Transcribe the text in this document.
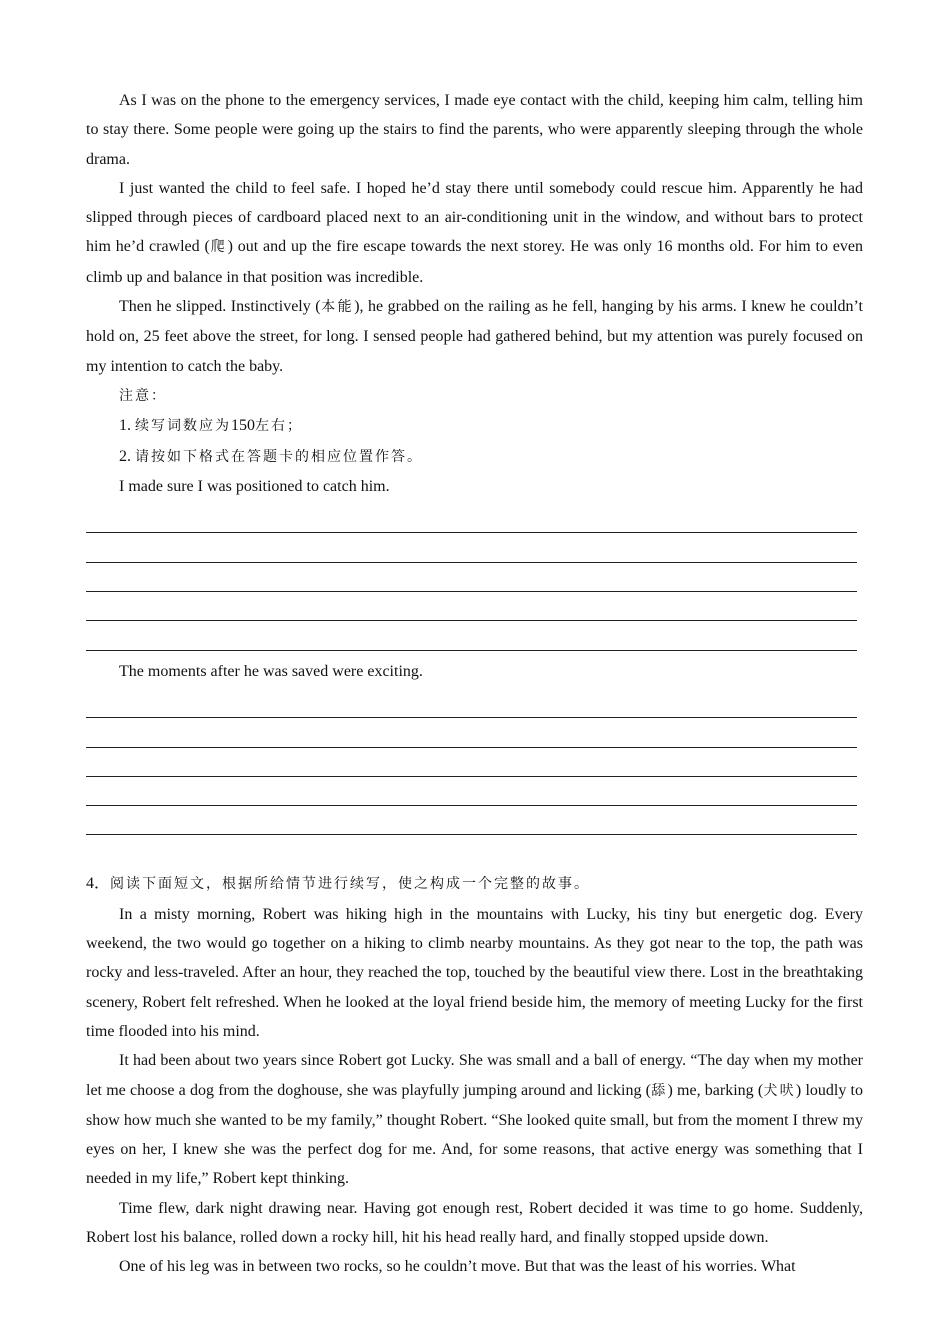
As I was on the phone to the emergency services, I made eye contact with the child, keeping him calm, telling him to stay there. Some people were going up the stairs to find the parents, who were apparently sleeping through the whole drama.

I just wanted the child to feel safe. I hoped he’d stay there until somebody could rescue him. Apparently he had slipped through pieces of cardboard placed next to an air-conditioning unit in the window, and without bars to protect him he’d crawled (爬) out and up the fire escape towards the next storey. He was only 16 months old. For him to even climb up and balance in that position was incredible.

Then he slipped. Instinctively (本能), he grabbed on the railing as he fell, hanging by his arms. I knew he couldn’t hold on, 25 feet above the street, for long. I sensed people had gathered behind, but my attention was purely focused on my intention to catch the baby.

注意：

1. 续写词数应为150左右；

2. 请按如下格式在答题卡的相应位置作答。

I made sure I was positioned to catch him.

The moments after he was saved were exciting.

4．阅读下面短文，根据所给情节进行续写，使之构成一个完整的故事。

In a misty morning, Robert was hiking high in the mountains with Lucky, his tiny but energetic dog. Every weekend, the two would go together on a hiking to climb nearby mountains. As they got near to the top, the path was rocky and less-traveled. After an hour, they reached the top, touched by the beautiful view there. Lost in the breathtaking scenery, Robert felt refreshed. When he looked at the loyal friend beside him, the memory of meeting Lucky for the first time flooded into his mind.

It had been about two years since Robert got Lucky. She was small and a ball of energy. “The day when my mother let me choose a dog from the doghouse, she was playfully jumping around and licking (舔) me, barking (犬吠) loudly to show how much she wanted to be my family,” thought Robert. “She looked quite small, but from the moment I threw my eyes on her, I knew she was the perfect dog for me. And, for some reasons, that active energy was something that I needed in my life,” Robert kept thinking.

Time flew, dark night drawing near. Having got enough rest, Robert decided it was time to go home. Suddenly, Robert lost his balance, rolled down a rocky hill, hit his head really hard, and finally stopped upside down.

One of his leg was in between two rocks, so he couldn’t move. But that was the least of his worries. What
